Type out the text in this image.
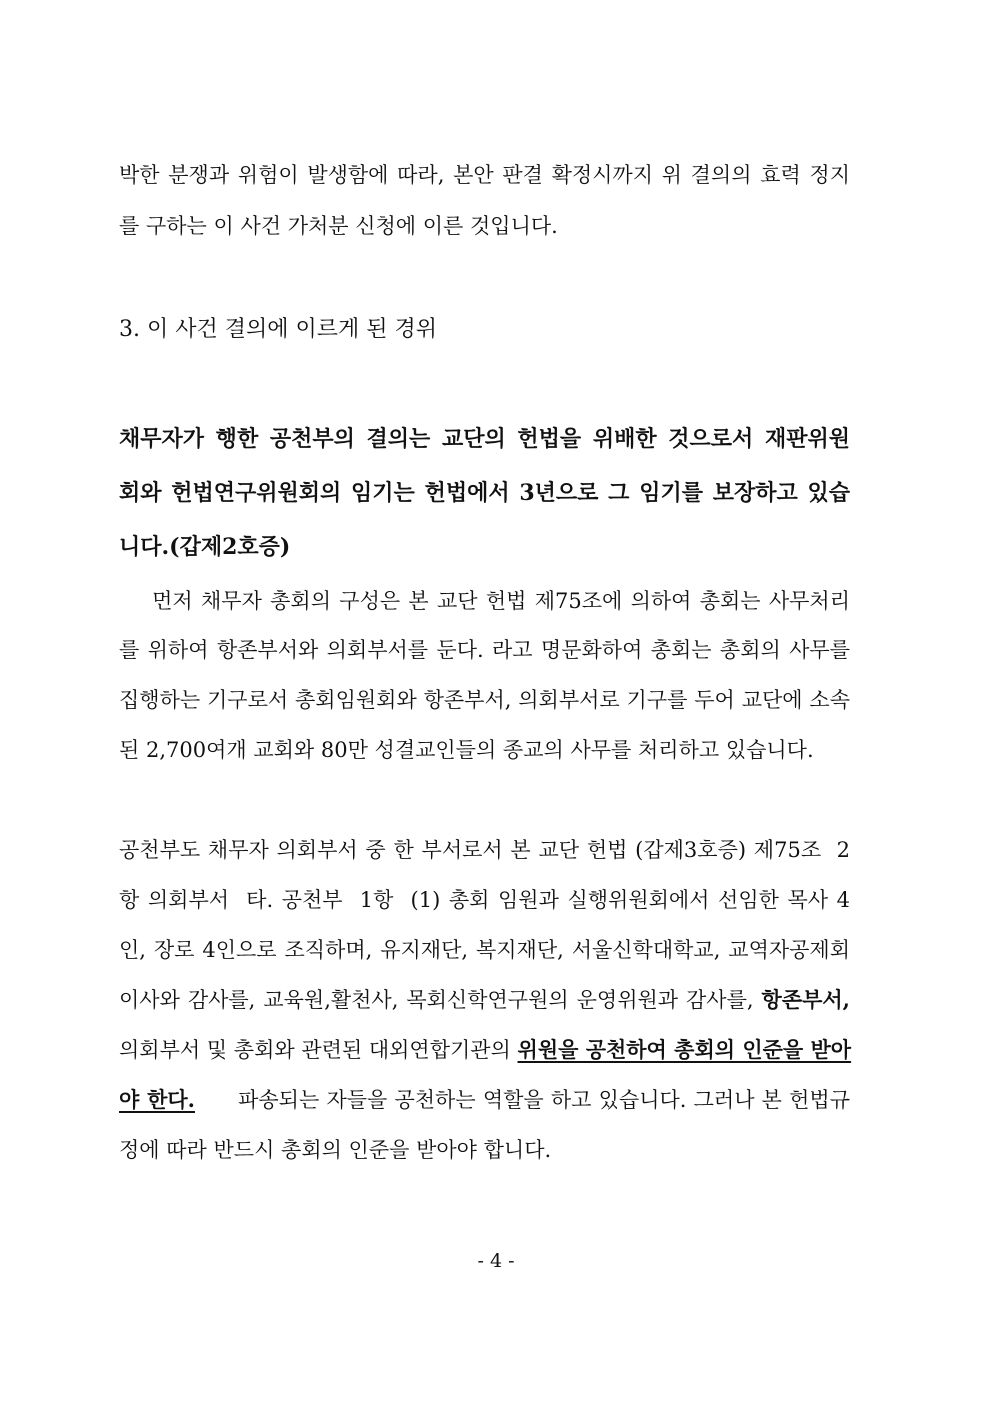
박한 분쟁과 위험이 발생함에 따라, 본안 판결 확정시까지 위 결의의 효력 정지
를 구하는 이 사건 가처분 신청에 이른 것입니다.
3. 이 사건 결의에 이르게 된 경위
채무자가 행한 공천부의 결의는 교단의 헌법을 위배한 것으로서 재판위원
회와 헌법연구위원회의 임기는 헌법에서 3년으로 그 임기를 보장하고 있습
니다.(갑제2호증)
먼저 채무자 총회의 구성은 본 교단 헌법 제75조에 의하여 총회는 사무처리
를 위하여 항존부서와 의회부서를 둔다. 라고 명문화하여 총회는 총회의 사무를
집행하는 기구로서 총회임원회와 항존부서, 의회부서로 기구를 두어 교단에 소속
된 2,700여개 교회와 80만 성결교인들의 종교의 사무를 처리하고 있습니다.
공천부도 채무자 의회부서 중 한 부서로서 본 교단 헌법 (갑제3호증) 제75조  2
항 의회부서  타. 공천부  1항  (1) 총회 임원과 실행위원회에서 선임한 목사 4
인, 장로 4인으로 조직하며, 유지재단, 복지재단, 서울신학대학교, 교역자공제회
이사와 감사를, 교육원,활천사, 목회신학연구원의 운영위원과 감사를, 항존부서,
의회부서 및 총회와 관련된 대외연합기관의 위원을 공천하여 총회의 인준을 받아
야 한다.      파송되는 자들을 공천하는 역할을 하고 있습니다. 그러나 본 헌법규
정에 따라 반드시 총회의 인준을 받아야 합니다.
- 4 -
